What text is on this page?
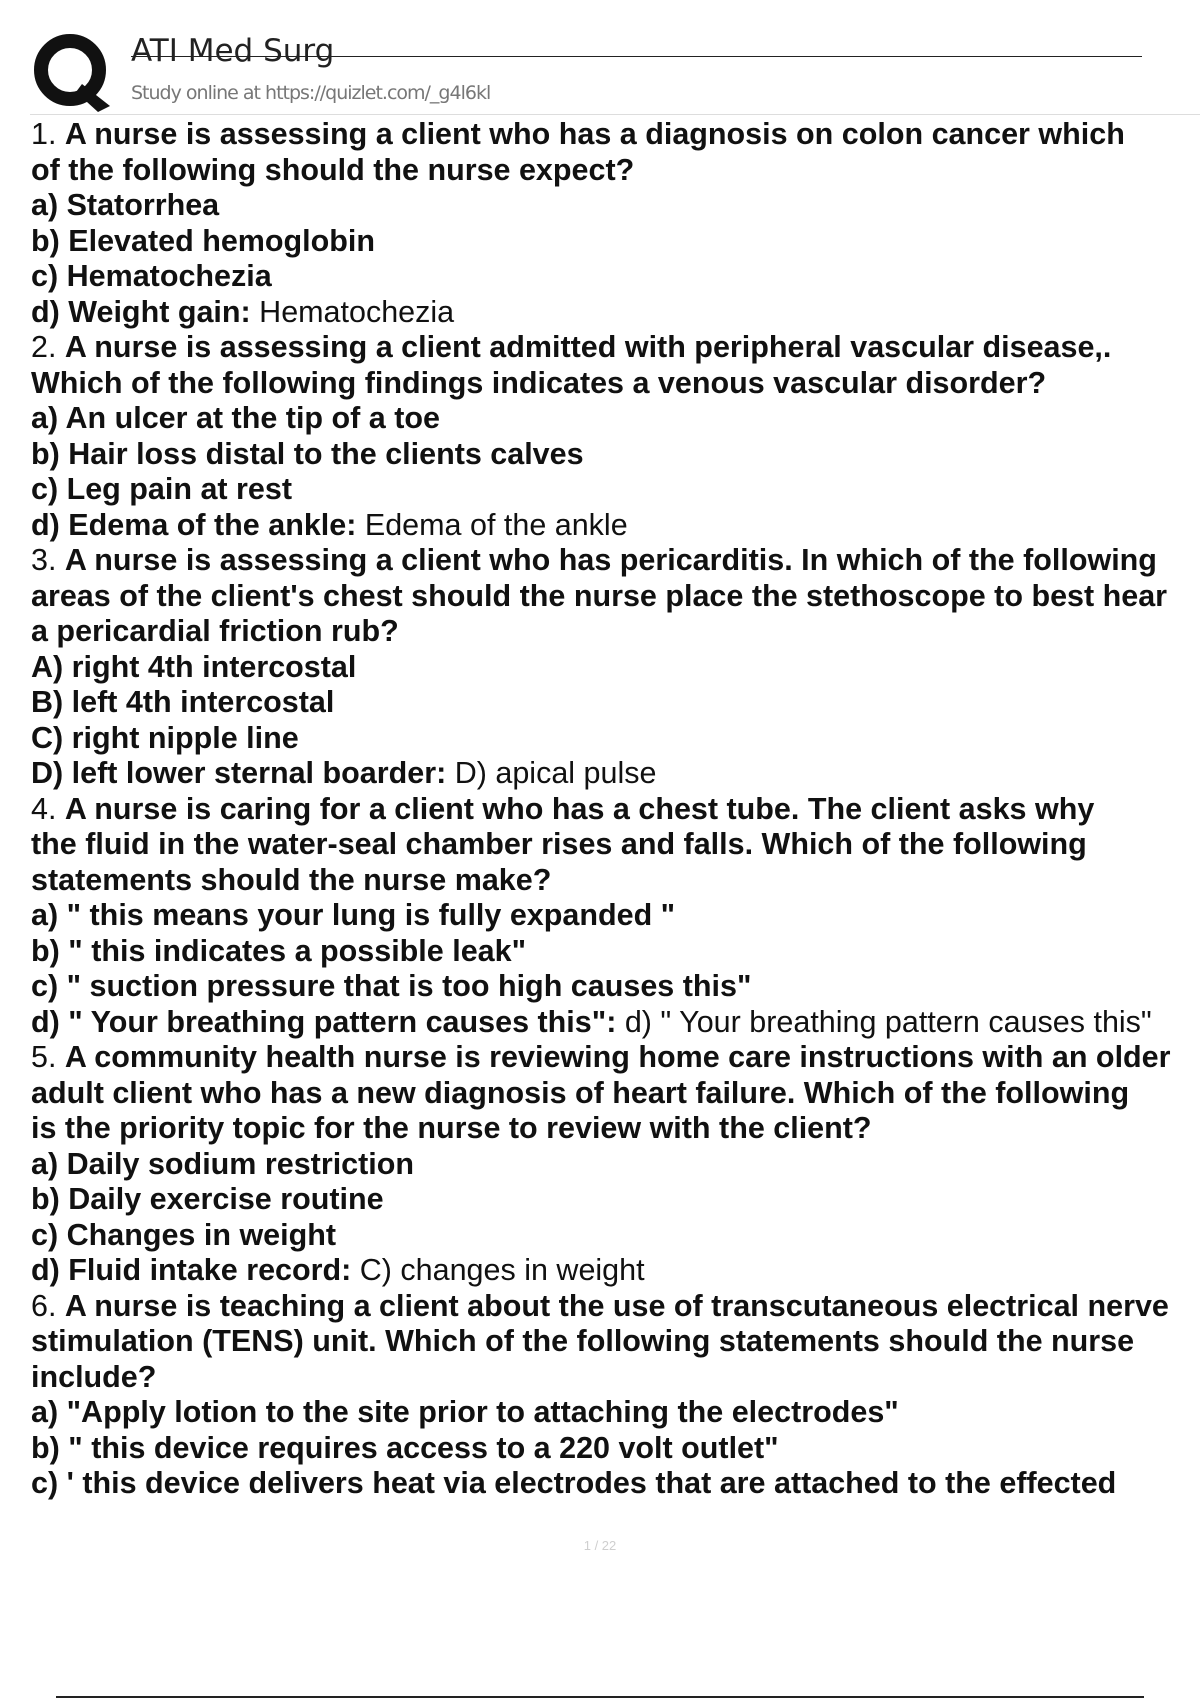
ATI Med Surg
Study online at https://quizlet.com/_g4l6kl
1. A nurse is assessing a client who has a diagnosis on colon cancer which
of the following should the nurse expect?
a) Statorrhea
b) Elevated hemoglobin
c) Hematochezia
d) Weight gain: Hematochezia
2. A nurse is assessing a client admitted with peripheral vascular disease,.
Which of the following findings indicates a venous vascular disorder?
a) An ulcer at the tip of a toe
b) Hair loss distal to the clients calves
c) Leg pain at rest
d) Edema of the ankle: Edema of the ankle
3. A nurse is assessing a client who has pericarditis. In which of the following
areas of the client's chest should the nurse place the stethoscope to best hear
a pericardial friction rub?
A) right 4th intercostal
B) left 4th intercostal
C) right nipple line
D) left lower sternal boarder: D) apical pulse
4. A nurse is caring for a client who has a chest tube. The client asks why
the fluid in the water-seal chamber rises and falls. Which of the following
statements should the nurse make?
a) " this means your lung is fully expanded "
b) " this indicates a possible leak"
c) " suction pressure that is too high causes this"
d) " Your breathing pattern causes this": d) " Your breathing pattern causes this"
5. A community health nurse is reviewing home care instructions with an older
adult client who has a new diagnosis of heart failure. Which of the following
is the priority topic for the nurse to review with the client?
a) Daily sodium restriction
b) Daily exercise routine
c) Changes in weight
d) Fluid intake record: C) changes in weight
6. A nurse is teaching a client about the use of transcutaneous electrical nerve
stimulation (TENS) unit. Which of the following statements should the nurse
include?
a) "Apply lotion to the site prior to attaching the electrodes"
b) " this device requires access to a 220 volt outlet"
c) ' this device delivers heat via electrodes that are attached to the effected
1 / 22
